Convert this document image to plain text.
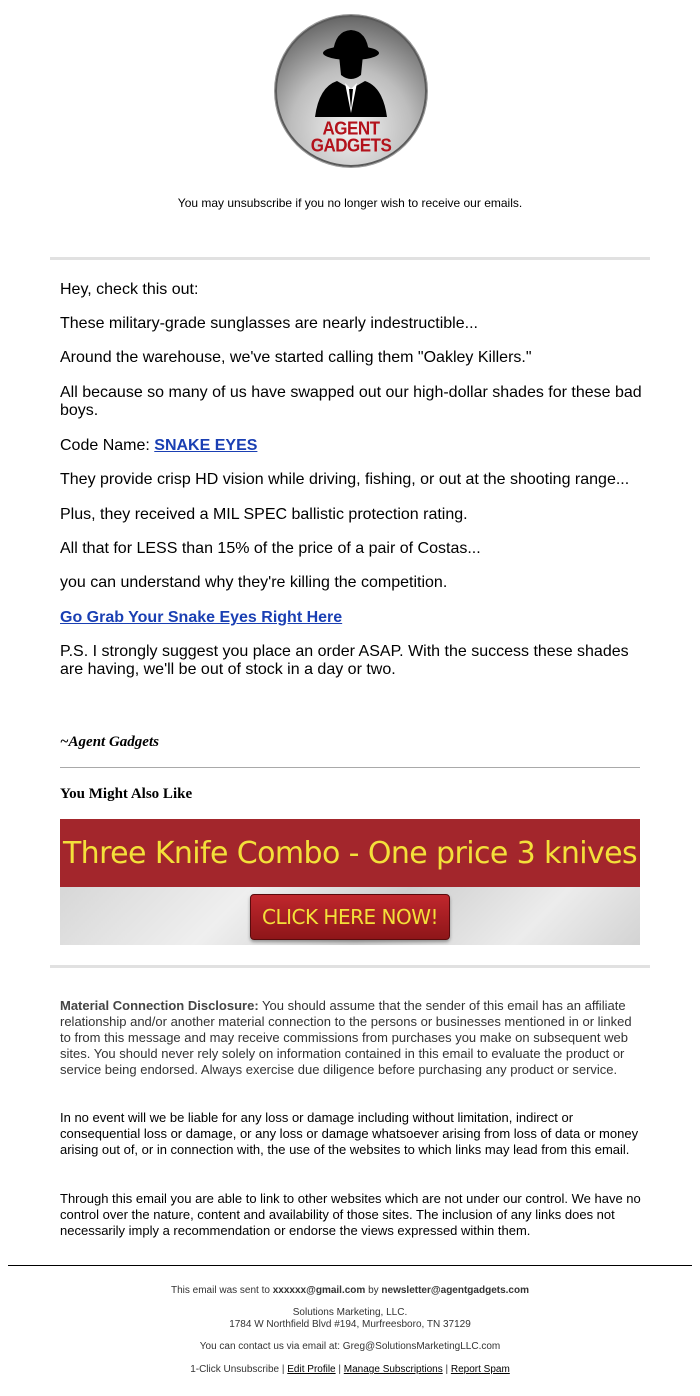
AGENT
GADGETS
You may unsubscribe if you no longer wish to receive our emails.
Hey, check this out:
These military-grade sunglasses are nearly indestructible...
Around the warehouse, we've started calling them "Oakley Killers."
All because so many of us have swapped out our high-dollar shades for these bad boys.
Code Name: SNAKE EYES
They provide crisp HD vision while driving, fishing, or out at the shooting range...
Plus, they received a MIL SPEC ballistic protection rating.
All that for LESS than 15% of the price of a pair of Costas...
you can understand why they're killing the competition.
Go Grab Your Snake Eyes Right Here
P.S. I strongly suggest you place an order ASAP. With the success these shades are having, we'll be out of stock in a day or two.
~Agent Gadgets
You Might Also Like
Three Knife Combo - One price 3 knives
CLICK HERE NOW!
Material Connection Disclosure: You should assume that the sender of this email has an affiliate relationship and/or another material connection to the persons or businesses mentioned in or linked to from this message and may receive commissions from purchases you make on subsequent web sites. You should never rely solely on information contained in this email to evaluate the product or service being endorsed. Always exercise due diligence before purchasing any product or service.
In no event will we be liable for any loss or damage including without limitation, indirect or consequential loss or damage, or any loss or damage whatsoever arising from loss of data or money arising out of, or in connection with, the use of the websites to which links may lead from this email.
Through this email you are able to link to other websites which are not under our control. We have no control over the nature, content and availability of those sites. The inclusion of any links does not necessarily imply a recommendation or endorse the views expressed within them.
This email was sent to xxxxxx@gmail.com by newsletter@agentgadgets.com
Solutions Marketing, LLC.
1784 W Northfield Blvd #194, Murfreesboro, TN 37129
You can contact us via email at: Greg@SolutionsMarketingLLC.com
1-Click Unsubscribe | Edit Profile | Manage Subscriptions | Report Spam
